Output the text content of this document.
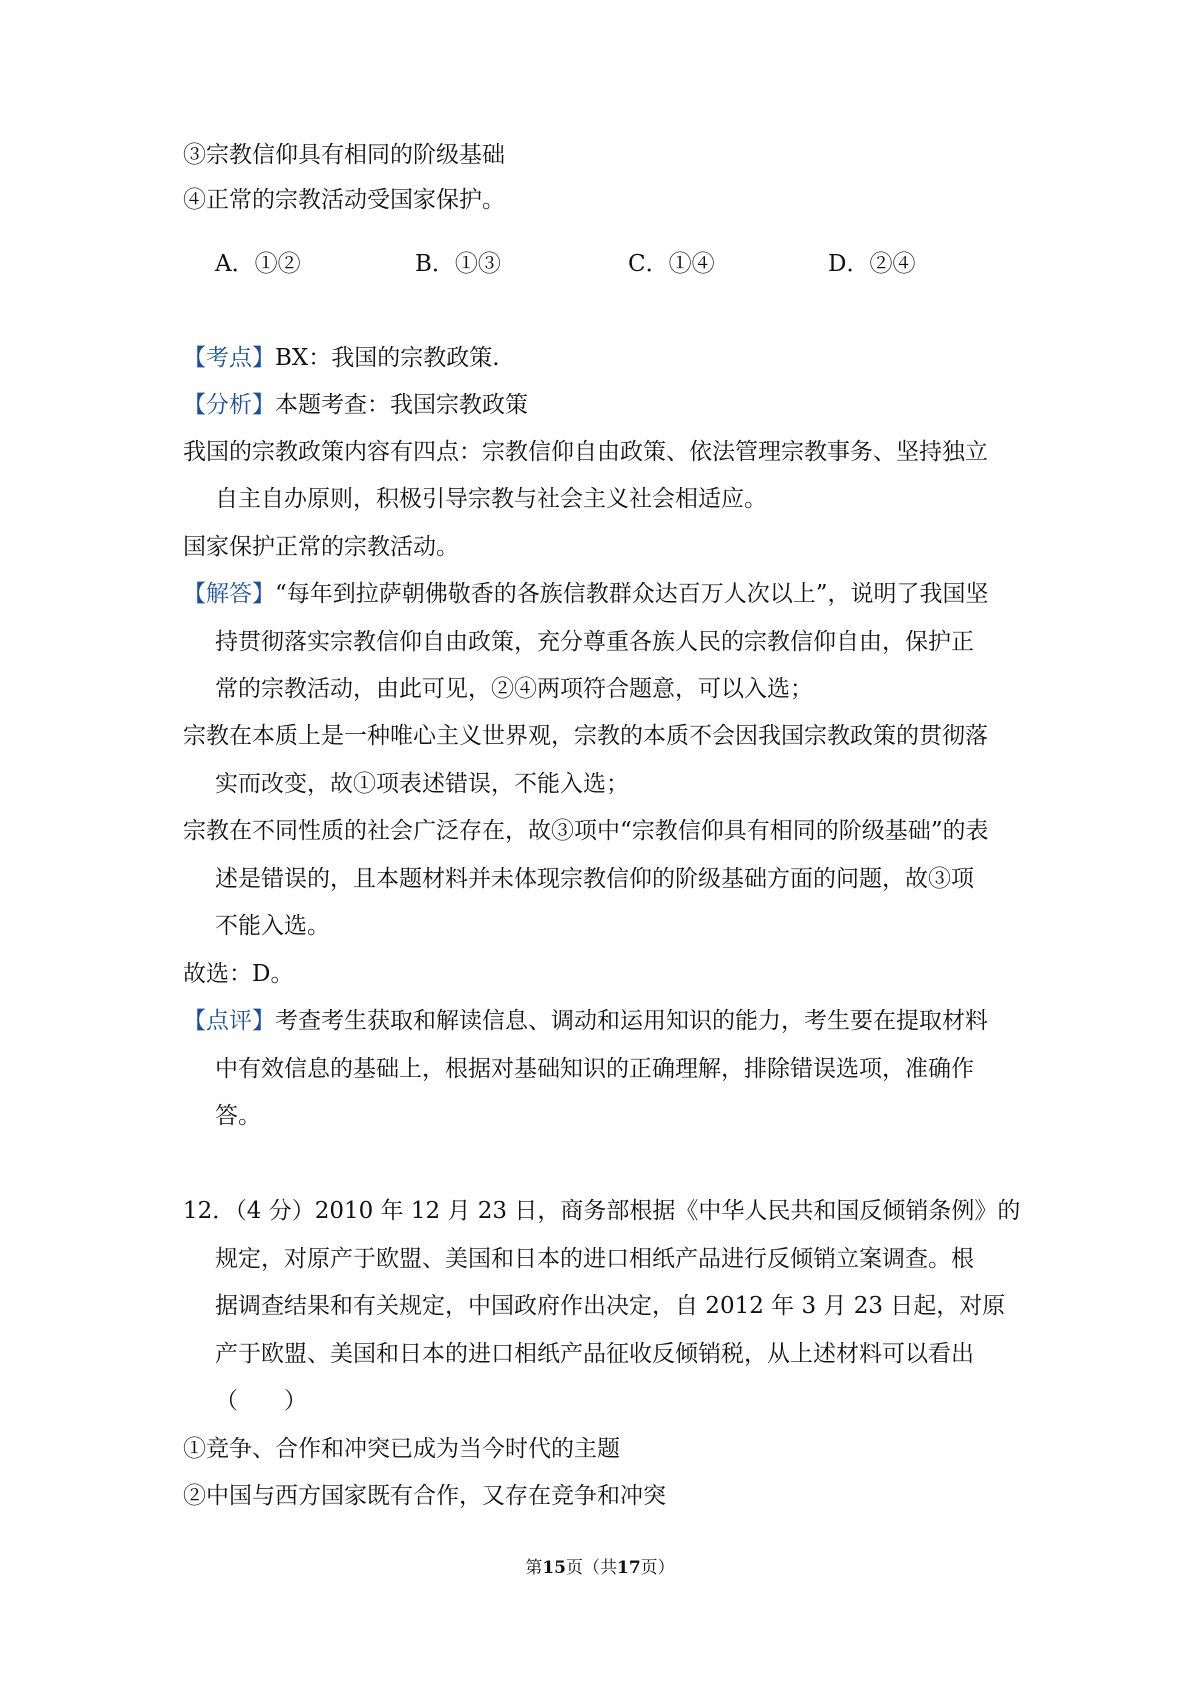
③宗教信仰具有相同的阶级基础
④正常的宗教活动受国家保护。
A．①②	B．①③	C．①④	D．②④
【考点】BX：我国的宗教政策.
【分析】本题考查：我国宗教政策
我国的宗教政策内容有四点：宗教信仰自由政策、依法管理宗教事务、坚持独立
自主自办原则，积极引导宗教与社会主义社会相适应。
国家保护正常的宗教活动。
【解答】“每年到拉萨朝佛敬香的各族信教群众达百万人次以上”，说明了我国坚
持贯彻落实宗教信仰自由政策，充分尊重各族人民的宗教信仰自由，保护正
常的宗教活动，由此可见，②④两项符合题意，可以入选；
宗教在本质上是一种唯心主义世界观，宗教的本质不会因我国宗教政策的贯彻落
实而改变，故①项表述错误，不能入选；
宗教在不同性质的社会广泛存在，故③项中“宗教信仰具有相同的阶级基础”的表
述是错误的，且本题材料并未体现宗教信仰的阶级基础方面的问题，故③项
不能入选。
故选：D。
【点评】考查考生获取和解读信息、调动和运用知识的能力，考生要在提取材料
中有效信息的基础上，根据对基础知识的正确理解，排除错误选项，准确作
答。
12．（4 分）2010 年 12 月 23 日，商务部根据《中华人民共和国反倾销条例》的
规定，对原产于欧盟、美国和日本的进口相纸产品进行反倾销立案调查。根
据调查结果和有关规定，中国政府作出决定，自 2012 年 3 月 23 日起，对原
产于欧盟、美国和日本的进口相纸产品征收反倾销税，从上述材料可以看出
（　　）
①竞争、合作和冲突已成为当今时代的主题
②中国与西方国家既有合作，又存在竞争和冲突
第15页（共17页）
